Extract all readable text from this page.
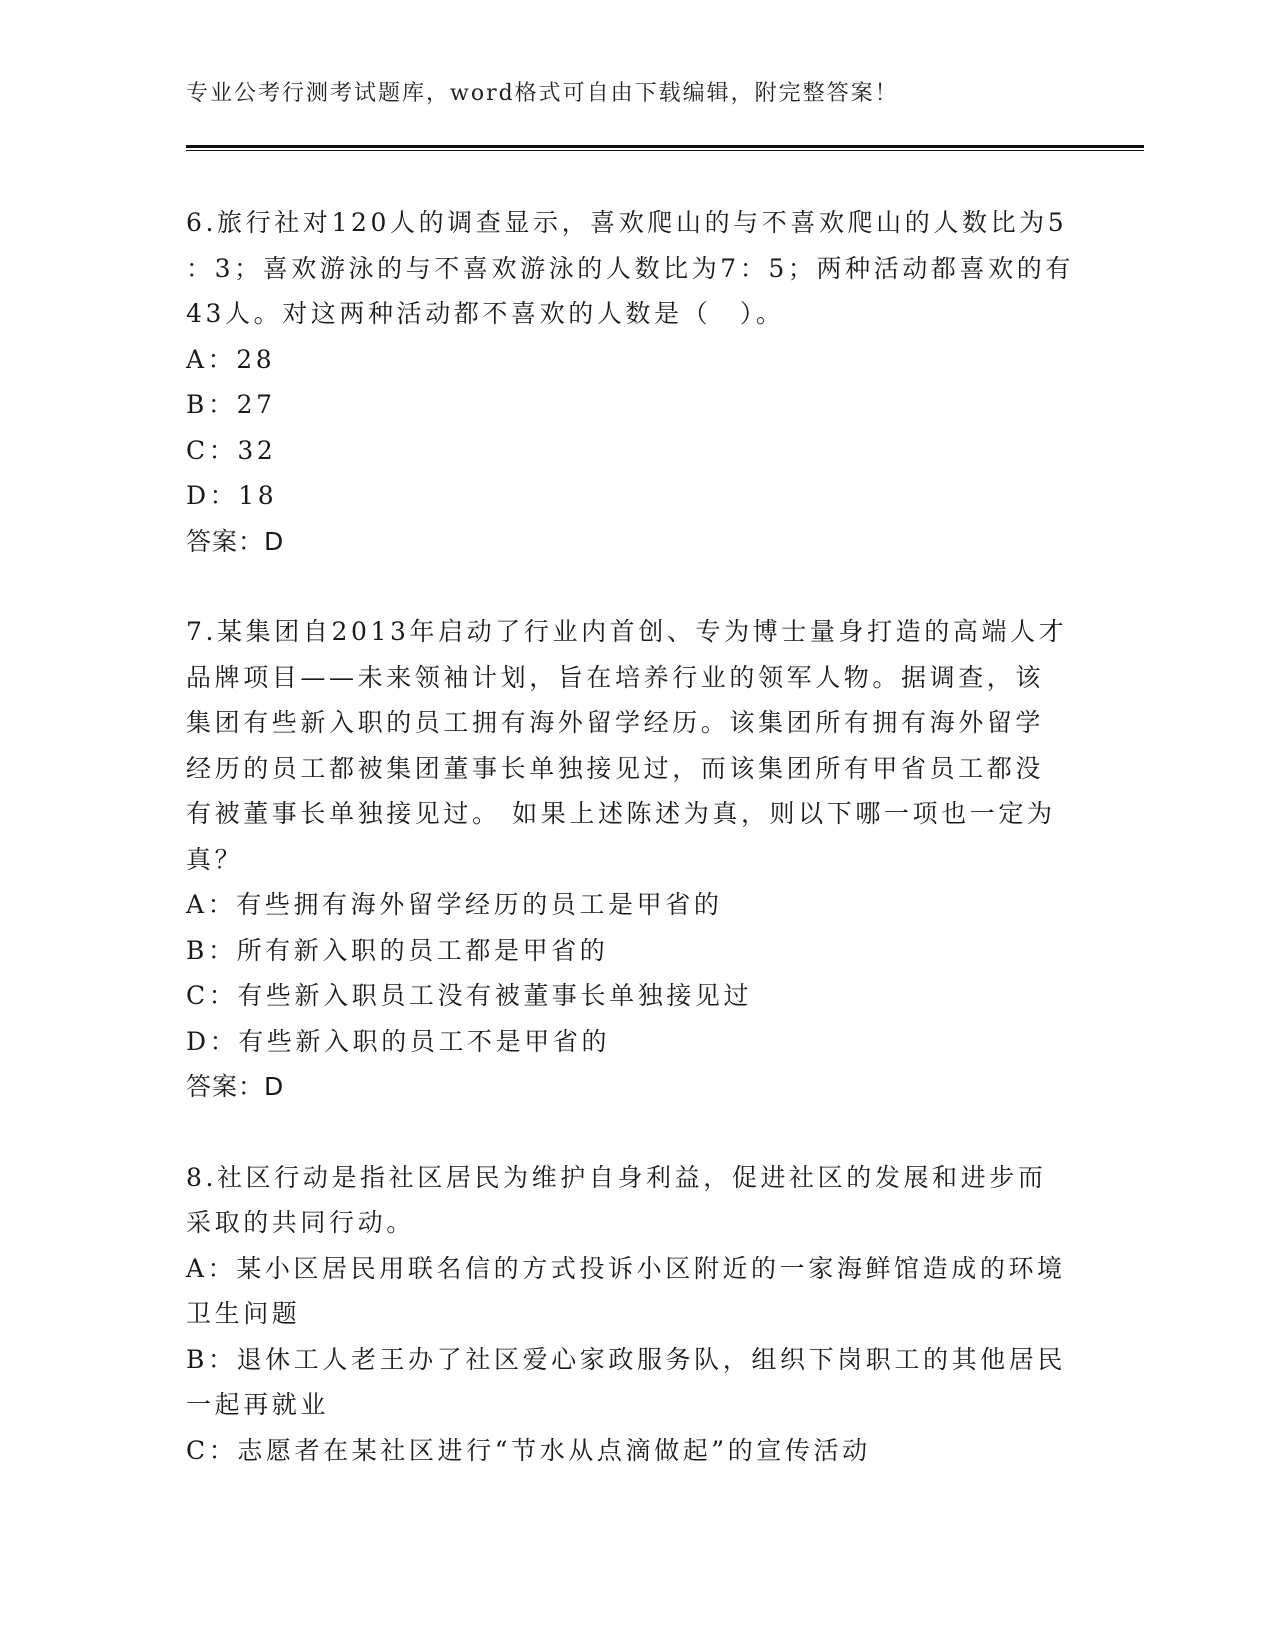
专业公考行测考试题库，word格式可自由下载编辑，附完整答案！
6.旅行社对120人的调查显示，喜欢爬山的与不喜欢爬山的人数比为5
：3；喜欢游泳的与不喜欢游泳的人数比为7：5；两种活动都喜欢的有
43人。对这两种活动都不喜欢的人数是（　）。
A：28
B：27
C：32
D：18
答案：D
7.某集团自2013年启动了行业内首创、专为博士量身打造的高端人才
品牌项目——未来领袖计划，旨在培养行业的领军人物。据调查，该
集团有些新入职的员工拥有海外留学经历。该集团所有拥有海外留学
经历的员工都被集团董事长单独接见过，而该集团所有甲省员工都没
有被董事长单独接见过。 如果上述陈述为真，则以下哪一项也一定为
真？
A：有些拥有海外留学经历的员工是甲省的
B：所有新入职的员工都是甲省的
C：有些新入职员工没有被董事长单独接见过
D：有些新入职的员工不是甲省的
答案：D
8.社区行动是指社区居民为维护自身利益，促进社区的发展和进步而
采取的共同行动。
A：某小区居民用联名信的方式投诉小区附近的一家海鲜馆造成的环境
卫生问题
B：退休工人老王办了社区爱心家政服务队，组织下岗职工的其他居民
一起再就业
C：志愿者在某社区进行“节水从点滴做起”的宣传活动
